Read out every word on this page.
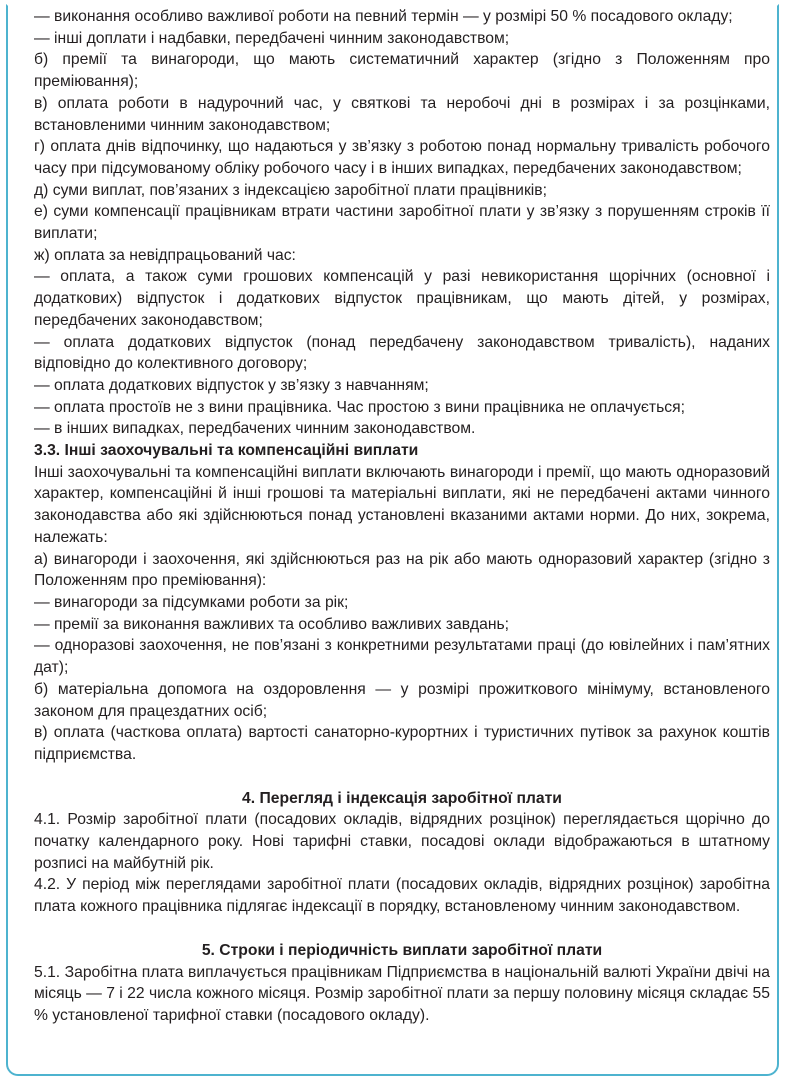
— виконання особливо важливої роботи на певний термін — у розмірі 50 % посадового окладу;

— інші доплати і надбавки, передбачені чинним законодавством;

б) премії та винагороди, що мають систематичний характер (згідно з Положенням про преміювання);

в) оплата роботи в надурочний час, у святкові та неробочі дні в розмірах і за розцінками, встановленими чинним законодавством;

г) оплата днів відпочинку, що надаються у зв’язку з роботою понад нормальну тривалість робочого часу при підсумованому обліку робочого часу і в інших випадках, передбачених законодавством;

д) суми виплат, пов’язаних з індексацією заробітної плати працівників;

е) суми компенсації працівникам втрати частини заробітної плати у зв’язку з порушенням строків її виплати;

ж) оплата за невідпрацьований час:

— оплата, а також суми грошових компенсацій у разі невикористання щорічних (основної і додаткових) відпусток і додаткових відпусток працівникам, що мають дітей, у розмірах, передбачених законодавством;

— оплата додаткових відпусток (понад передбачену законодавством тривалість), наданих відповідно до колективного договору;

— оплата додаткових відпусток у зв’язку з навчанням;

— оплата простоїв не з вини працівника. Час простою з вини працівника не оплачується;

— в інших випадках, передбачених чинним законодавством.

3.3. Інші заохочувальні та компенсаційні виплати

Інші заохочувальні та компенсаційні виплати включають винагороди і премії, що мають одноразовий характер, компенсаційні й інші грошові та матеріальні виплати, які не передбачені актами чинного законодавства або які здійснюються понад установлені вказаними актами норми. До них, зокрема, належать:

а) винагороди і заохочення, які здійснюються раз на рік або мають одноразовий характер (згідно з Положенням про преміювання):

— винагороди за підсумками роботи за рік;

— премії за виконання важливих та особливо важливих завдань;

— одноразові заохочення, не пов’язані з конкретними результатами праці (до ювілейних і пам’ятних дат);

б) матеріальна допомога на оздоровлення — у розмірі прожиткового мінімуму, встановленого законом для працездатних осіб;

в) оплата (часткова оплата) вартості санаторно-курортних і туристичних путівок за рахунок коштів підприємства.

4. Перегляд і індексація заробітної плати

4.1. Розмір заробітної плати (посадових окладів, відрядних розцінок) переглядається щорічно до початку календарного року. Нові тарифні ставки, посадові оклади відображаються в штатному розписі на майбутній рік.

4.2. У період між переглядами заробітної плати (посадових окладів, відрядних розцінок) заробітна плата кожного працівника підлягає індексації в порядку, встановленому чинним законодавством.

5. Строки і періодичність виплати заробітної плати

5.1. Заробітна плата виплачується працівникам Підприємства в національній валюті України двічі на місяць — 7 і 22 числа кожного місяця. Розмір заробітної плати за першу половину місяця складає 55 % установленої тарифної ставки (посадового окладу).
